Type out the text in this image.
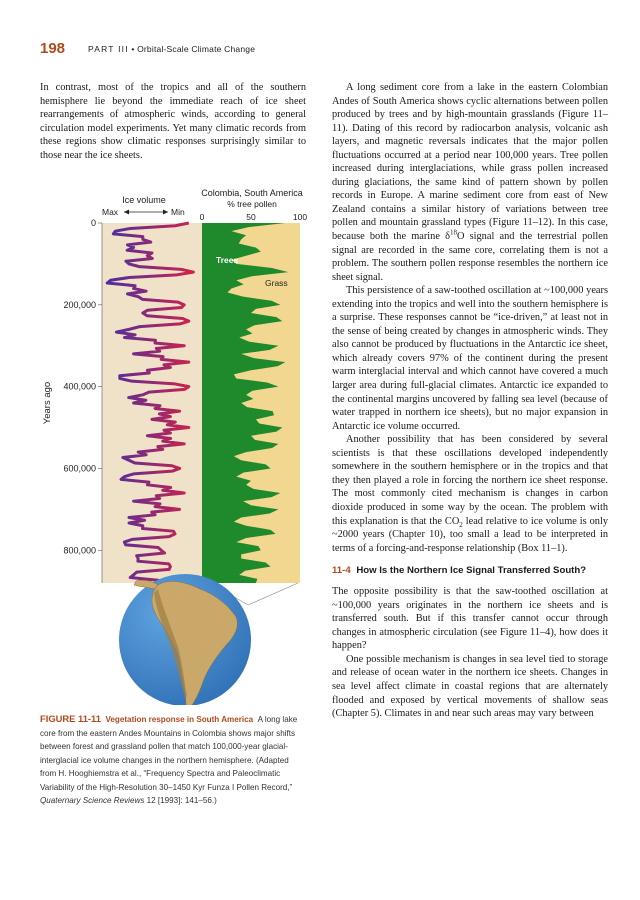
198	PART III • Orbital-Scale Climate Change

In contrast, most of the tropics and all of the southern hemisphere lie beyond the immediate reach of ice sheet rearrangements of atmospheric winds, according to general circulation model experiments. Yet many climatic records from these regions show climatic responses surprisingly similar to those near the ice sheets.

Ice volume
Max	Min
Colombia, South America
% tree pollen
0	50	100
0
200,000
400,000
600,000
800,000
Years ago
Trees
Grass
FIGURE 11-11 Vegetation response in South America A long lake core from the eastern Andes Mountains in Colombia shows major shifts between forest and grassland pollen that match 100,000-year glacial-interglacial ice volume changes in the northern hemisphere. (Adapted from H. Hooghiemstra et al., “Frequency Spectra and Paleoclimatic Variability of the High-Resolution 30–1450 Kyr Funza I Pollen Record,” Quaternary Science Reviews 12 [1993]: 141–56.)

A long sediment core from a lake in the eastern Colombian Andes of South America shows cyclic alternations between pollen produced by trees and by high-mountain grasslands (Figure 11–11). Dating of this record by radiocarbon analysis, volcanic ash layers, and magnetic reversals indicates that the major pollen fluctuations occurred at a period near 100,000 years. Tree pollen increased during interglaciations, while grass pollen increased during glaciations, the same kind of pattern shown by pollen records in Europe. A marine sediment core from east of New Zealand contains a similar history of variations between tree pollen and mountain grassland types (Figure 11–12). In this case, because both the marine $\delta^{18}O$ signal and the terrestrial pollen signal are recorded in the same core, correlating them is not a problem. The southern pollen response resembles the northern ice sheet signal.

This persistence of a saw-toothed oscillation at ~100,000 years extending into the tropics and well into the southern hemisphere is a surprise. These responses cannot be “ice-driven,” at least not in the sense of being created by changes in atmospheric winds. They also cannot be produced by fluctuations in the Antarctic ice sheet, which already covers 97% of the continent during the present warm interglacial interval and which cannot have covered a much larger area during full-glacial climates. Antarctic ice expanded to the continental margins uncovered by falling sea level (because of water trapped in northern ice sheets), but no major expansion in Antarctic ice volume occurred.

Another possibility that has been considered by several scientists is that these oscillations developed independently somewhere in the southern hemisphere or in the tropics and that they then played a role in forcing the northern ice sheet response. The most commonly cited mechanism is changes in carbon dioxide produced in some way by the ocean. The problem with this explanation is that the $CO_2$ lead relative to ice volume is only ~2000 years (Chapter 10), too small a lead to be interpreted in terms of a forcing-and-response relationship (Box 11–1).

11-4 How Is the Northern Ice Signal Transferred South?

The opposite possibility is that the saw-toothed oscillation at ~100,000 years originates in the northern ice sheets and is transferred south. But if this transfer cannot occur through changes in atmospheric circulation (see Figure 11–4), how does it happen?

One possible mechanism is changes in sea level tied to storage and release of ocean water in the northern ice sheets. Changes in sea level affect climate in coastal regions that are alternately flooded and exposed by vertical movements of shallow seas (Chapter 5). Climates in and near such areas may vary between
